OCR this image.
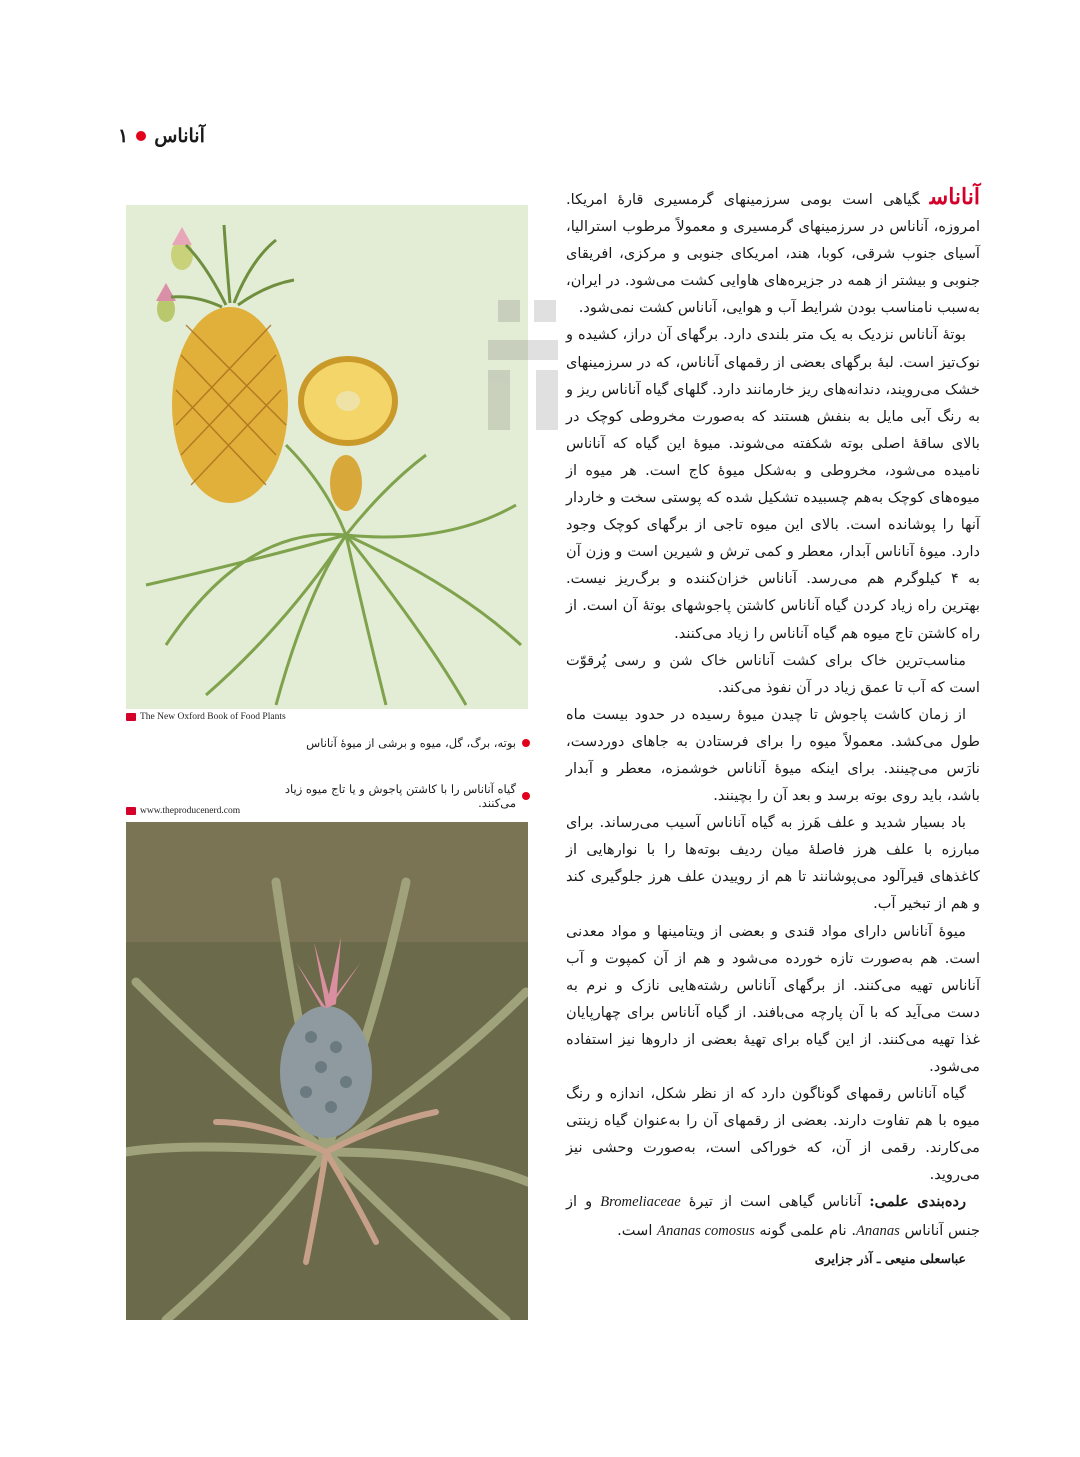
۱ آناناس
The New Oxford Book of Food Plants
بوته، برگ، گل، میوه و برشی از میوهٔ آناناس
گیاه آناناس را با کاشتن پاجوش و یا تاج میوه زیاد می‌کنند.
www.theproducenerd.com

آناناسگیاهی است بومی سرزمینهای گرمسیری قارهٔ امریکا. امروزه، آناناس در سرزمینهای گرمسیری و معمولاً مرطوب استرالیا، آسیای جنوب شرقی، کوبا، هند، امریکای جنوبی و مرکزی، افریقای جنوبی و بیشتر از همه در جزیره‌های هاوایی کشت می‌شود. در ایران، به‌سبب نامناسب بودن شرایط آب و هوایی، آناناس کشت نمی‌شود.

بوتهٔ آناناس نزدیک به یک متر بلندی دارد. برگهای آن دراز، کشیده و نوک‌تیز است. لبهٔ برگهای بعضی از رقمهای آناناس، که در سرزمینهای خشک می‌رویند، دندانه‌های ریز خارمانند دارد. گلهای گیاه آناناس ریز و به رنگ آبی مایل به بنفش هستند که به‌صورت مخروطی کوچک در بالای ساقهٔ اصلی بوته شکفته می‌شوند. میوهٔ این گیاه که آناناس نامیده می‌شود، مخروطی و به‌شکل میوهٔ کاج است. هر میوه از میوه‌های کوچک به‌هم چسبیده تشکیل شده که پوستی سخت و خاردار آنها را پوشانده است. بالای این میوه تاجی از برگهای کوچک وجود دارد. میوهٔ آناناس آبدار، معطر و کمی ترش و شیرین است و وزن آن به ۴ کیلوگرم هم می‌رسد. آناناس خزان‌کننده و برگ‌ریز نیست. بهترین راه زیاد کردن گیاه آناناس کاشتن پاجوشهای بوتهٔ آن است. از راه کاشتن تاج میوه هم گیاه آناناس را زیاد می‌کنند.

مناسب‌ترین خاک برای کشت آناناس خاک شن و رسی پُرقوّت است که آب تا عمق زیاد در آن نفوذ می‌کند.

از زمان کاشت پاجوش تا چیدن میوهٔ رسیده در حدود بیست ماه طول می‌کشد. معمولاً میوه را برای فرستادن به جاهای دوردست، نارَس می‌چینند. برای اینکه میوهٔ آناناس خوشمزه، معطر و آبدار باشد، باید روی بوته برسد و بعد آن را بچینند.

باد بسیار شدید و علف هَرز به گیاه آناناس آسیب می‌رساند. برای مبارزه با علف هرز فاصلهٔ میان ردیف بوته‌ها را با نوارهایی از کاغذهای قیرآلود می‌پوشانند تا هم از روییدن علف هرز جلوگیری کند و هم از تبخیر آب.

میوهٔ آناناس دارای مواد قندی و بعضی از ویتامینها و مواد معدنی است. هم به‌صورت تازه خورده می‌شود و هم از آن کمپوت و آب آناناس تهیه می‌کنند. از برگهای آناناس رشته‌هایی نازک و نرم به دست می‌آید که با آن پارچه می‌بافند. از گیاه آناناس برای چهارپایان غذا تهیه می‌کنند. از این گیاه برای تهیهٔ بعضی از داروها نیز استفاده می‌شود.

گیاه آناناس رقمهای گوناگون دارد که از نظر شکل، اندازه و رنگ میوه با هم تفاوت دارند. بعضی از رقمهای آن را به‌عنوان گیاه زینتی می‌کارند. رقمی از آن، که خوراکی است، به‌صورت وحشی نیز می‌روید.

رده‌بندی علمی: آناناس گیاهی است از تیرهٔ Bromeliaceae و از جنس آناناس Ananas. نام علمی گونه Ananas comosus است.

عباسعلی منیعی ـ آذر جزایری
